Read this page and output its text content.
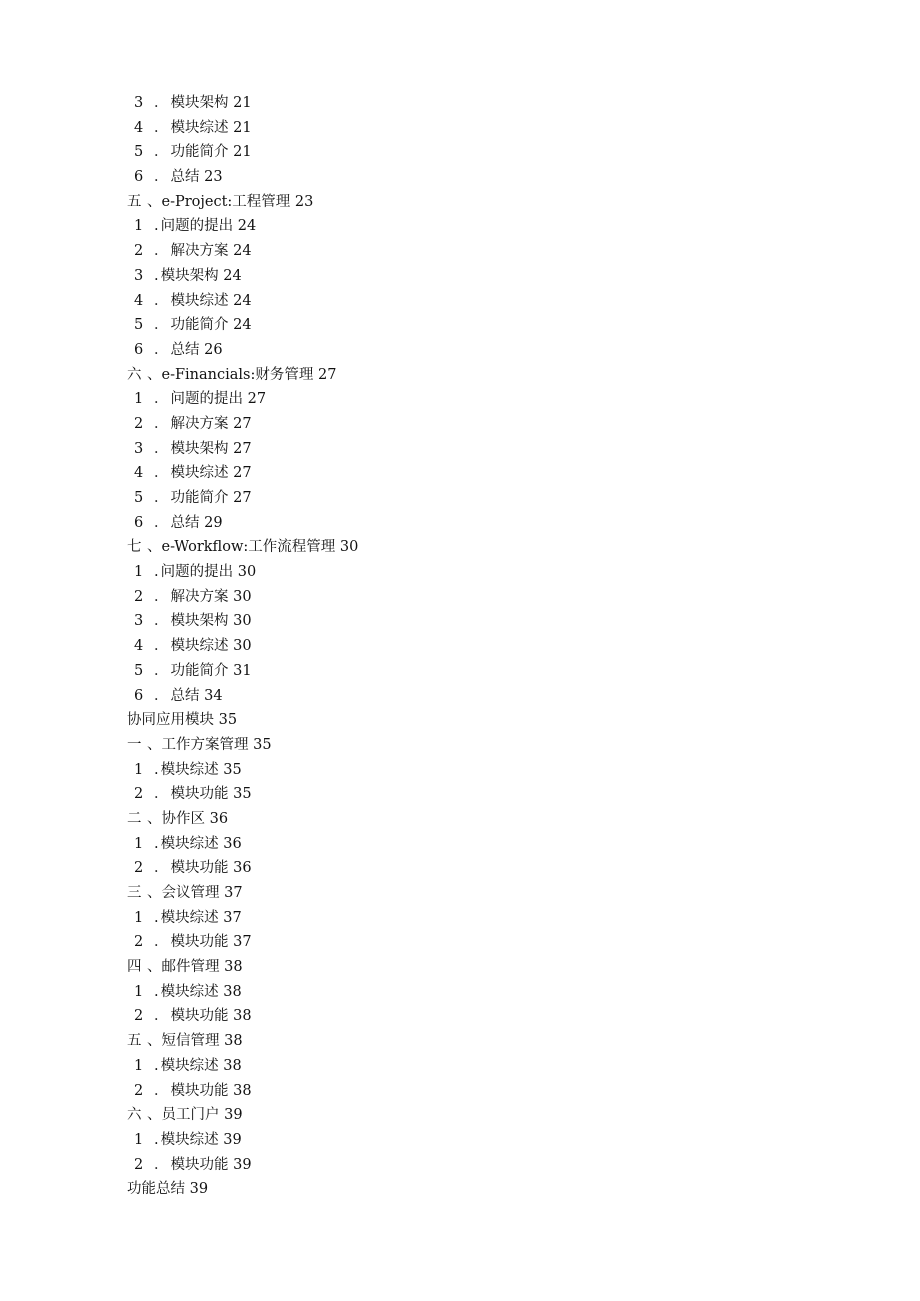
3 ． 模块架构 21
4 ． 模块综述 21
5 ． 功能简介 21
6 ． 总结 23
五 、 e-Project:工程管理 23
1 . 问题的提出 24
2 ． 解决方案 24
3 . 模块架构 24
4 ． 模块综述 24
5 ． 功能简介 24
6 ． 总结 26
六 、 e-Financials:财务管理 27
1 ． 问题的提出 27
2 ． 解决方案 27
3 ． 模块架构 27
4 ． 模块综述 27
5 ． 功能简介 27
6 ． 总结 29
七 、 e-Workflow:工作流程管理 30
1 . 问题的提出 30
2 ． 解决方案 30
3 ． 模块架构 30
4 ． 模块综述 30
5 ． 功能简介 31
6 ． 总结 34
协同应用模块 35
一 、 工作方案管理 35
1 . 模块综述 35
2 ． 模块功能 35
二 、 协作区 36
1 . 模块综述 36
2 ． 模块功能 36
三 、 会议管理 37
1 . 模块综述 37
2 ． 模块功能 37
四 、 邮件管理 38
1 . 模块综述 38
2 ． 模块功能 38
五 、 短信管理 38
1 . 模块综述 38
2 ． 模块功能 38
六 、 员工门户 39
1 . 模块综述 39
2 ． 模块功能 39
功能总结 39
